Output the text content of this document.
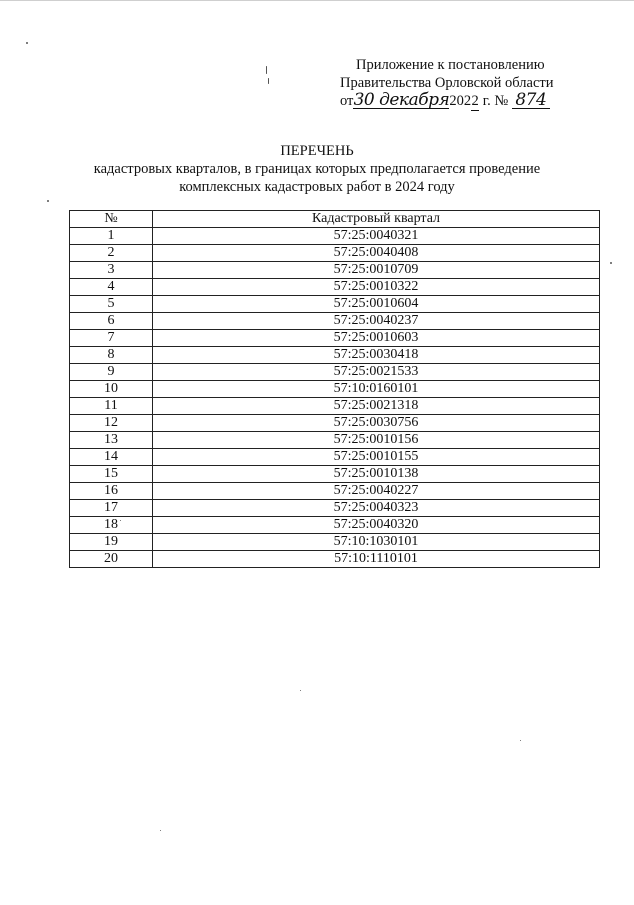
Приложение к постановлению
Правительства Орловской области
от30 декабря2022 г. № 874
ПЕРЕЧЕНЬ
кадастровых кварталов, в границах которых предполагается проведение
комплексных кадастровых работ в 2024 году
№	Кадастровый квартал
1	57:25:0040321
2	57:25:0040408
3	57:25:0010709
4	57:25:0010322
5	57:25:0010604
6	57:25:0040237
7	57:25:0010603
8	57:25:0030418
9	57:25:0021533
10	57:10:0160101
11	57:25:0021318
12	57:25:0030756
13	57:25:0010156
14	57:25:0010155
15	57:25:0010138
16	57:25:0040227
17	57:25:0040323
18	57:25:0040320
19	57:10:1030101
20	57:10:1110101
